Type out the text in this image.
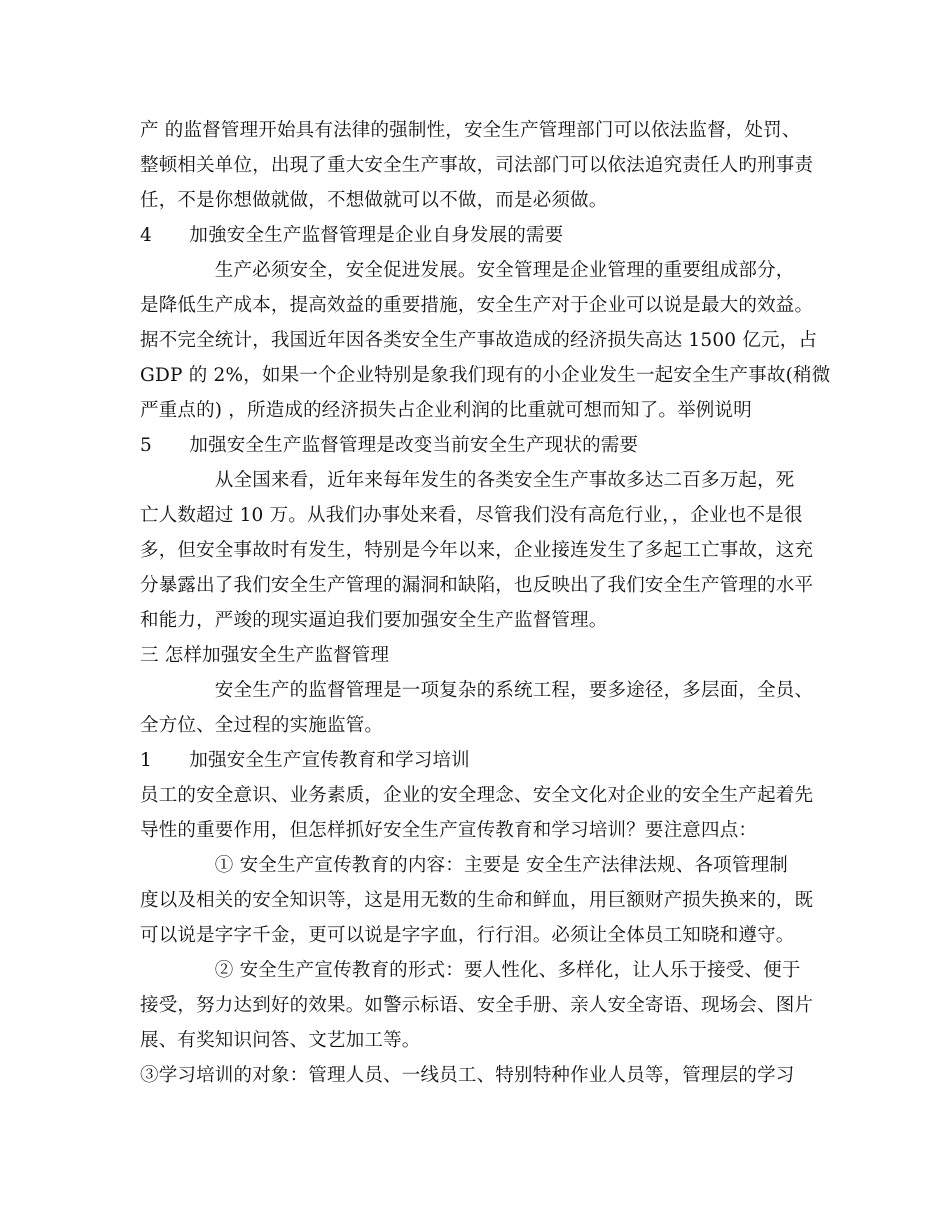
产 的监督管理开始具有法律的强制性，安全生产管理部门可以依法监督，处罚、
整顿相关单位，出現了重大安全生产事故，司法部门可以依法追究责任人旳刑事责
任，不是你想做就做，不想做就可以不做，而是必须做。
4　　加強安全生产监督管理是企业自身发展的需要
　　　　生产必须安全，安全促进发展。安全管理是企业管理的重要组成部分，
是降低生产成本，提高效益的重要措施，安全生产对于企业可以说是最大的效益。
据不完全统计，我国近年因各类安全生产事故造成的经济损失高达 1500 亿元，占
GDP 的 2%，如果一个企业特别是象我们现有的小企业发生一起安全生产事故(稍微
严重点的) ，所造成的经济损失占企业利润的比重就可想而知了。举例说明
5　　加强安全生产监督管理是改变当前安全生产现状的需要
　　　　从全国来看，近年来每年发生的各类安全生产事故多达二百多万起，死
亡人数超过 10 万。从我们办事处来看，尽管我们没有高危行业，，企业也不是很
多，但安全事故时有发生，特别是今年以来，企业接连发生了多起工亡事故，这充
分暴露出了我们安全生产管理的漏洞和缺陷，也反映出了我们安全生产管理的水平
和能力，严竣的现实逼迫我们要加强安全生产监督管理。
三 怎样加强安全生产监督管理
　　　　安全生产的监督管理是一项复杂的系统工程，要多途径，多层面，全员、
全方位、全过程的实施监管。
1　　加强安全生产宣传教育和学习培训
员工的安全意识、业务素质，企业的安全理念、安全文化对企业的安全生产起着先
导性的重要作用，但怎样抓好安全生产宣传教育和学习培训？要注意四点：
　　　　① 安全生产宣传教育的内容：主要是 安全生产法律法规、各项管理制
度以及相关的安全知识等，这是用无数的生命和鲜血，用巨额财产损失换来的，既
可以说是字字千金，更可以说是字字血，行行泪。必须让全体员工知晓和遵守。
　　　　② 安全生产宣传教育的形式：要人性化、多样化，让人乐于接受、便于
接受，努力达到好的效果。如警示标语、安全手册、亲人安全寄语、现场会、图片
展、有奖知识问答、文艺加工等。
③学习培训的对象：管理人员、一线员工、特别特种作业人员等，管理层的学习
